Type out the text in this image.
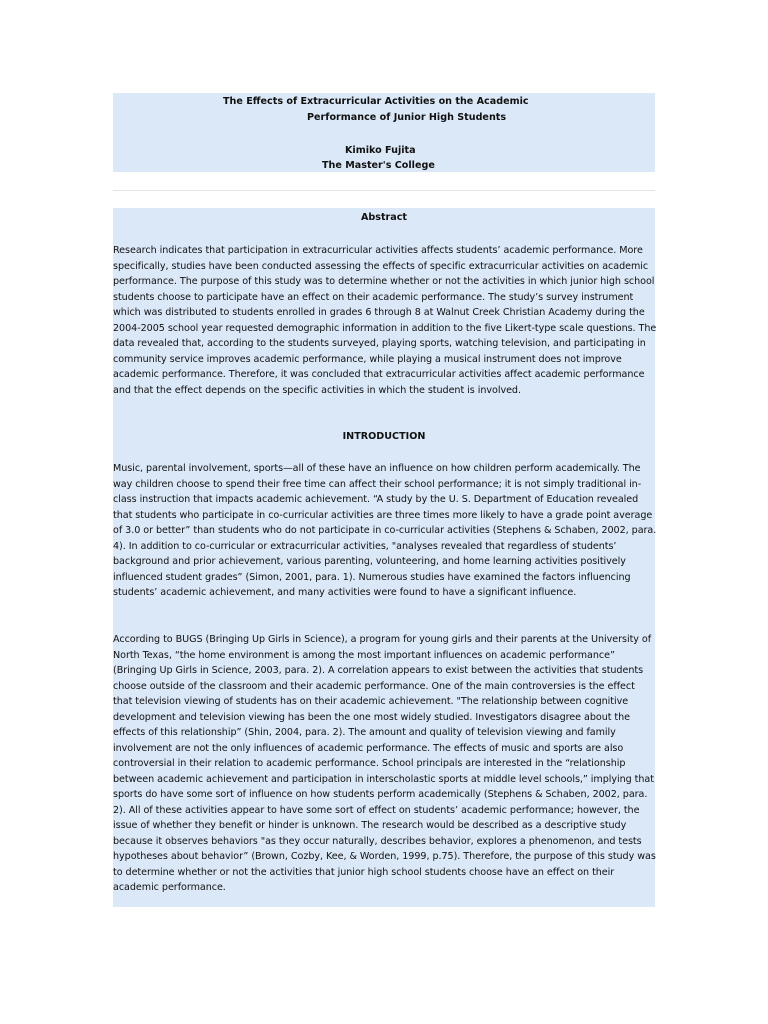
The Effects of Extracurricular Activities on the Academic
Performance of Junior High Students
Kimiko Fujita
The Master's College
Abstract
Research indicates that participation in extracurricular activities affects students’ academic performance. More specifically, studies have been conducted assessing the effects of specific extracurricular activities on academic performance. The purpose of this study was to determine whether or not the activities in which junior high school students choose to participate have an effect on their academic performance. The study’s survey instrument which was distributed to students enrolled in grades 6 through 8 at Walnut Creek Christian Academy during the 2004-2005 school year requested demographic information in addition to the five Likert-type scale questions. The data revealed that, according to the students surveyed, playing sports, watching television, and participating in community service improves academic performance, while playing a musical instrument does not improve academic performance. Therefore, it was concluded that extracurricular activities affect academic performance and that the effect depends on the specific activities in which the student is involved.
INTRODUCTION
Music, parental involvement, sports—all of these have an influence on how children perform academically. The way children choose to spend their free time can affect their school performance; it is not simply traditional in-class instruction that impacts academic achievement. “A study by the U. S. Department of Education revealed that students who participate in co-curricular activities are three times more likely to have a grade point average of 3.0 or better” than students who do not participate in co-curricular activities (Stephens & Schaben, 2002, para. 4). In addition to co-curricular or extracurricular activities, "analyses revealed that regardless of students’ background and prior achievement, various parenting, volunteering, and home learning activities positively influenced student grades” (Simon, 2001, para. 1). Numerous studies have examined the factors influencing students’ academic achievement, and many activities were found to have a significant influence.
According to BUGS (Bringing Up Girls in Science), a program for young girls and their parents at the University of North Texas, “the home environment is among the most important influences on academic performance” (Bringing Up Girls in Science, 2003, para. 2). A correlation appears to exist between the activities that students choose outside of the classroom and their academic performance. One of the main controversies is the effect that television viewing of students has on their academic achievement. "The relationship between cognitive development and television viewing has been the one most widely studied. Investigators disagree about the effects of this relationship” (Shin, 2004, para. 2). The amount and quality of television viewing and family involvement are not the only influences of academic performance. The effects of music and sports are also controversial in their relation to academic performance. School principals are interested in the “relationship between academic achievement and participation in interscholastic sports at middle level schools,” implying that sports do have some sort of influence on how students perform academically (Stephens & Schaben, 2002, para. 2). All of these activities appear to have some sort of effect on students’ academic performance; however, the issue of whether they benefit or hinder is unknown. The research would be described as a descriptive study because it observes behaviors "as they occur naturally, describes behavior, explores a phenomenon, and tests hypotheses about behavior” (Brown, Cozby, Kee, & Worden, 1999, p.75). Therefore, the purpose of this study was to determine whether or not the activities that junior high school students choose have an effect on their academic performance.
